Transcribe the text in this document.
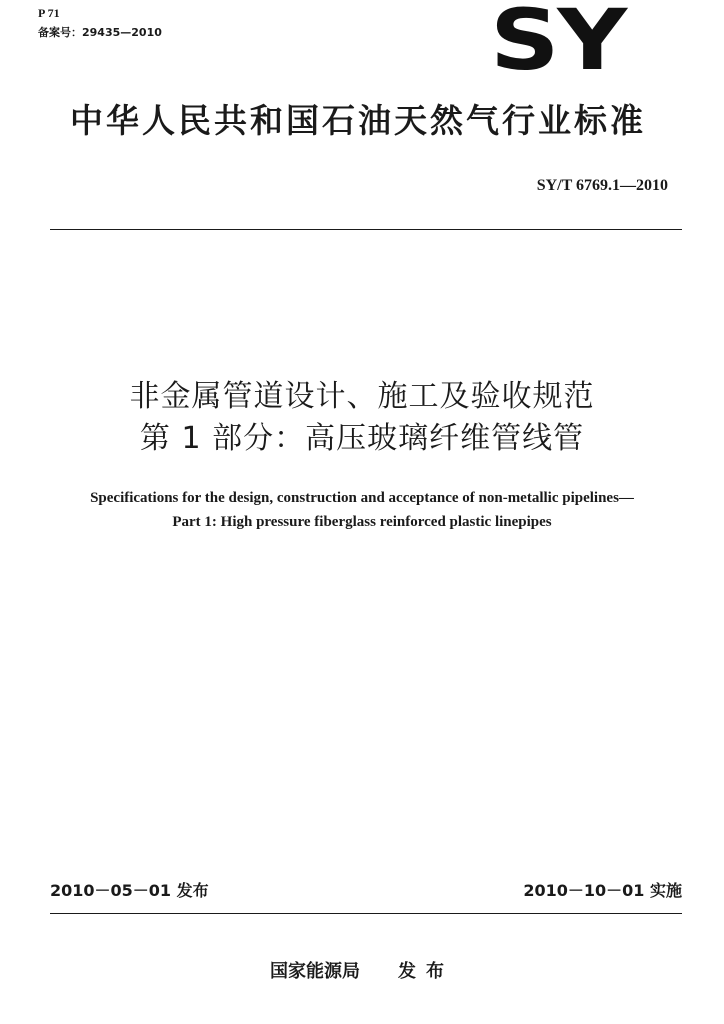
P 71
备案号：29435—2010	SY
中华人民共和国石油天然气行业标准
SY/T 6769.1—2010
非金属管道设计、施工及验收规范
第 1 部分：高压玻璃纤维管线管
Specifications for the design, construction and acceptance of non-metallic pipelines—
Part 1: High pressure fiberglass reinforced plastic linepipes
2010－05－01 发布	2010－10－01 实施
国家能源局 发布
